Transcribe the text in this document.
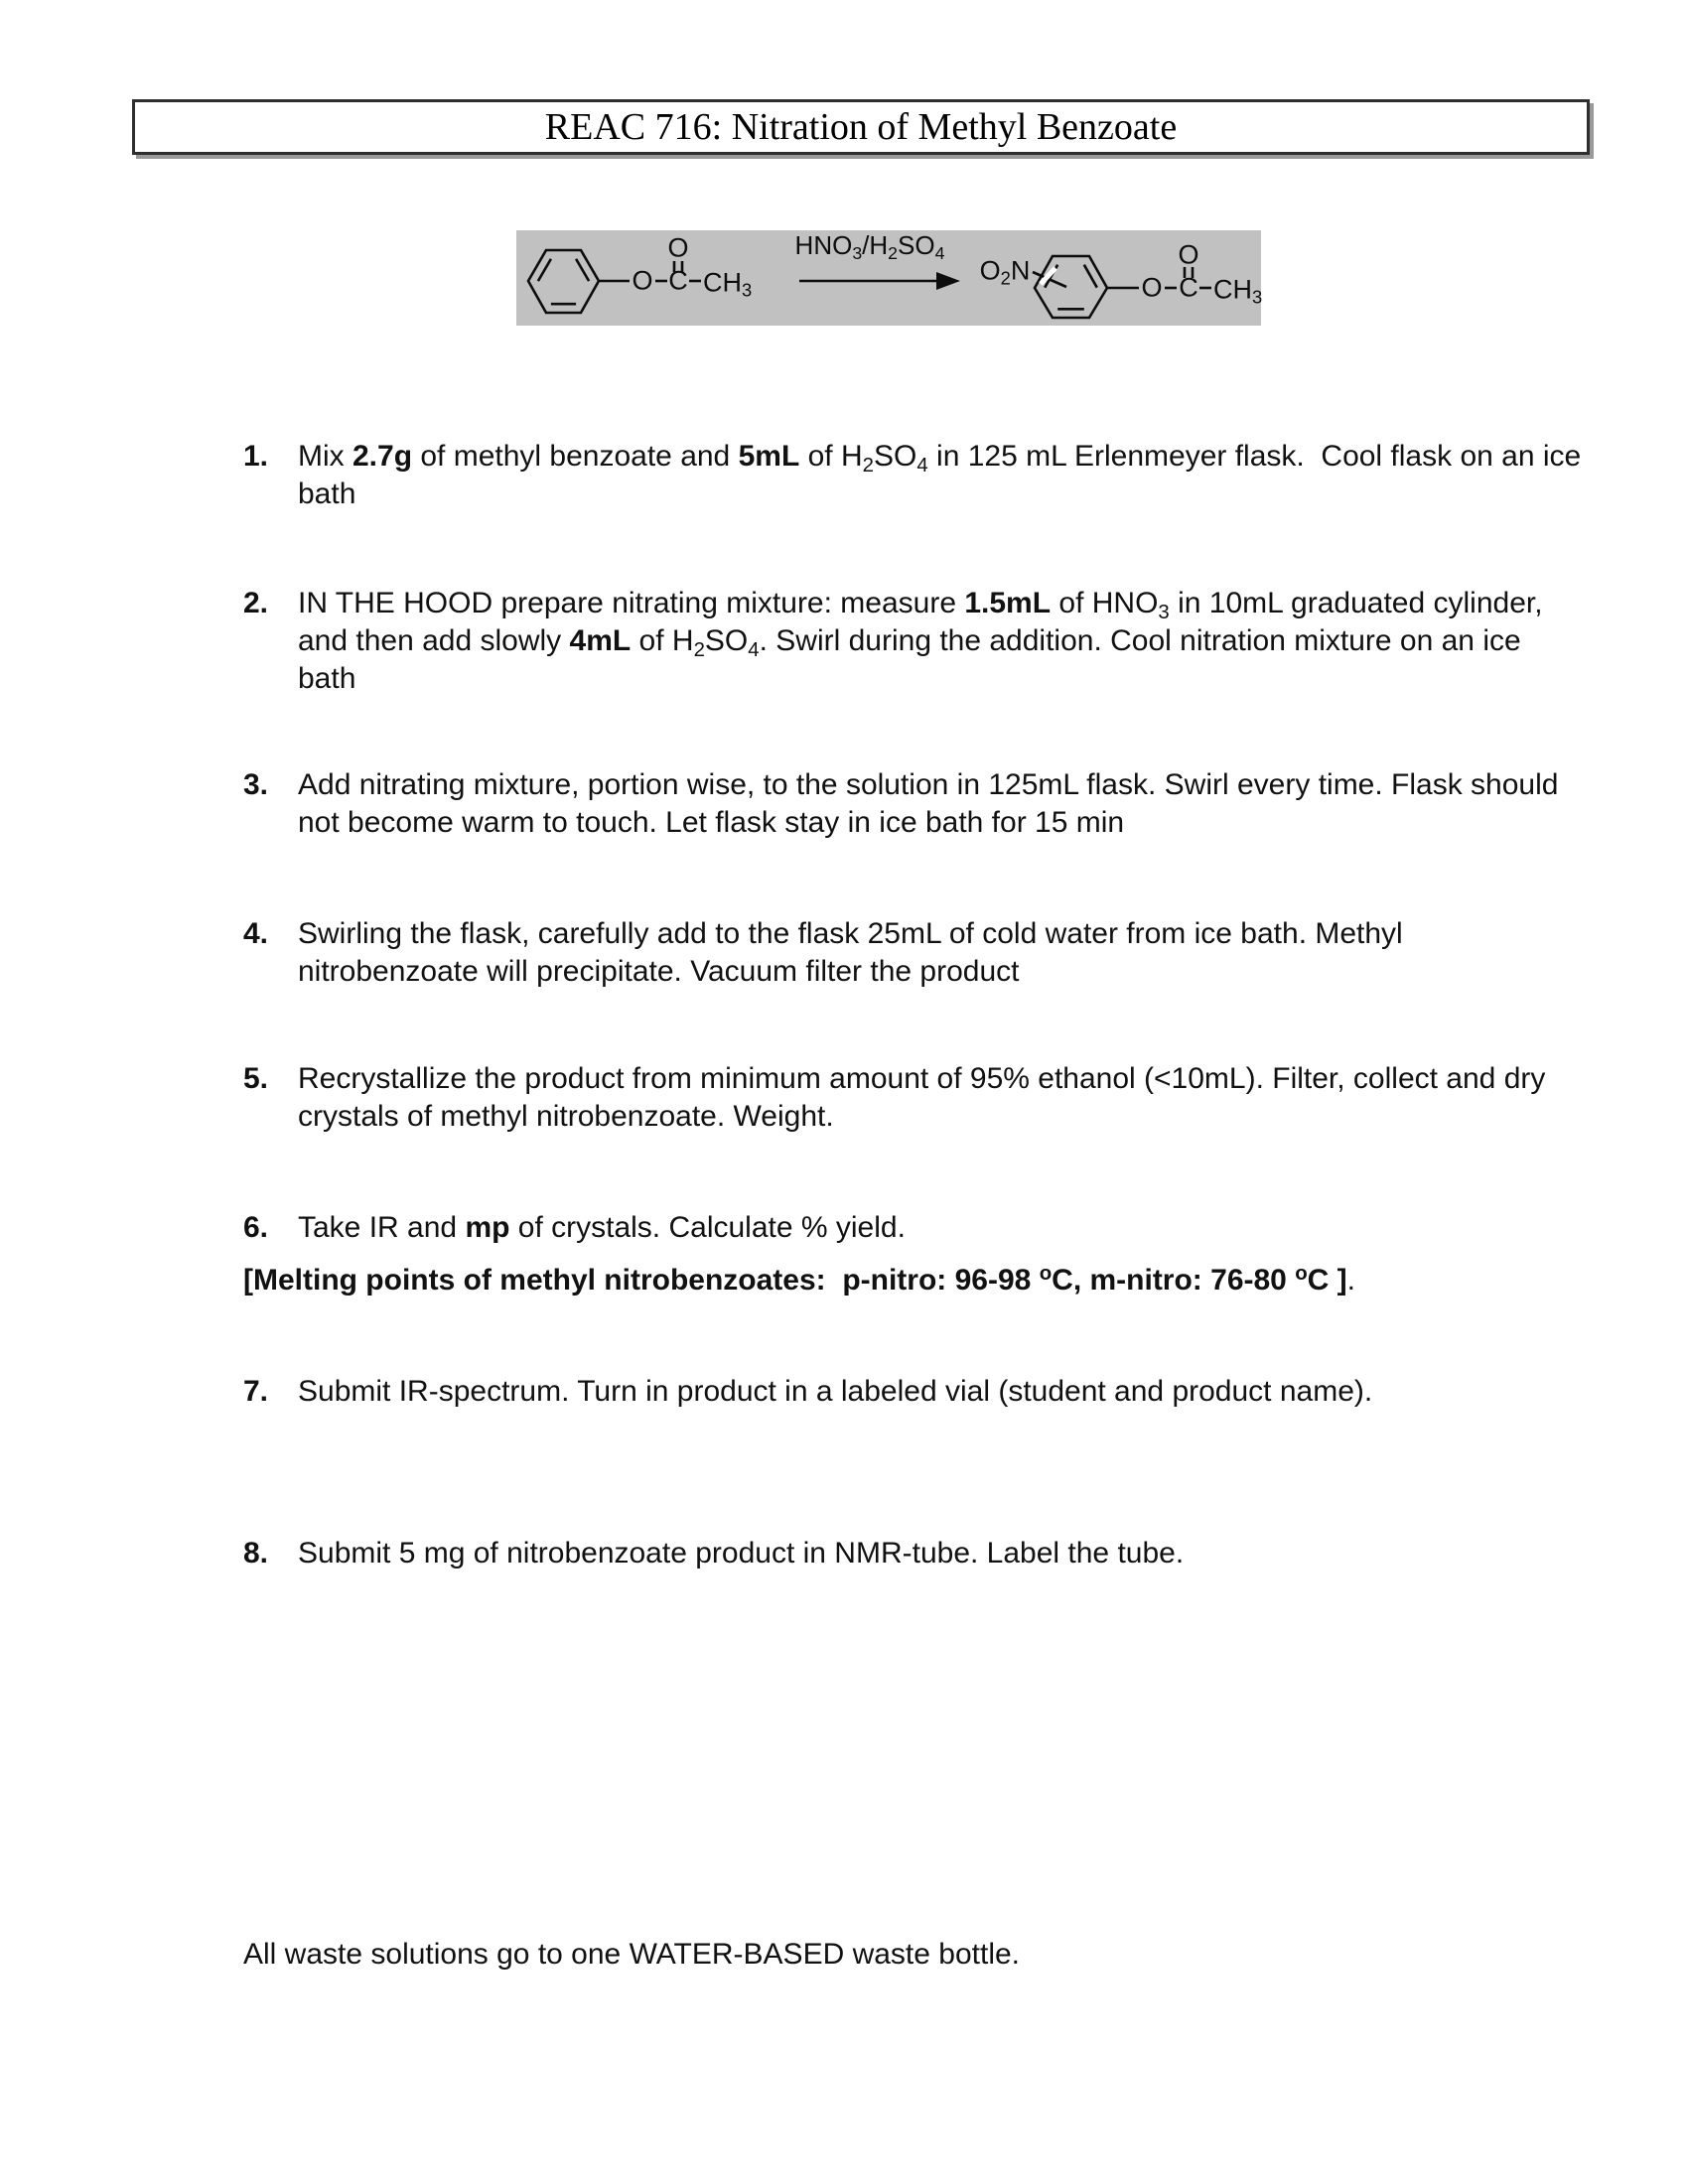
REAC 716: Nitration of Methyl Benzoate
O C
O
$CH_3$
$HNO_3/H_2SO_4$
$O_2N$
O C
O
$CH_3$
1. Mix 2.7g of methyl benzoate and 5mL of $H_2SO_4$ in 125 mL Erlenmeyer flask.  Cool flask on an ice bath
2. IN THE HOOD prepare nitrating mixture: measure 1.5mL of $HNO_3$ in 10mL graduated cylinder, and then add slowly 4mL of $H_2SO_4$. Swirl during the addition. Cool nitration mixture on an ice bath
3. Add nitrating mixture, portion wise, to the solution in 125mL flask. Swirl every time. Flask should not become warm to touch. Let flask stay in ice bath for 15 min
4. Swirling the flask, carefully add to the flask 25mL of cold water from ice bath. Methyl nitrobenzoate will precipitate. Vacuum filter the product
5. Recrystallize the product from minimum amount of 95% ethanol (<10mL). Filter, collect and dry crystals of methyl nitrobenzoate. Weight.
6. Take IR and mp of crystals. Calculate % yield.
[Melting points of methyl nitrobenzoates:  p-nitro: 96-98 $^o$C, m-nitro: 76-80 $^o$C ].
7. Submit IR-spectrum. Turn in product in a labeled vial (student and product name).
8. Submit 5 mg of nitrobenzoate product in NMR-tube. Label the tube.
All waste solutions go to one WATER-BASED waste bottle.
